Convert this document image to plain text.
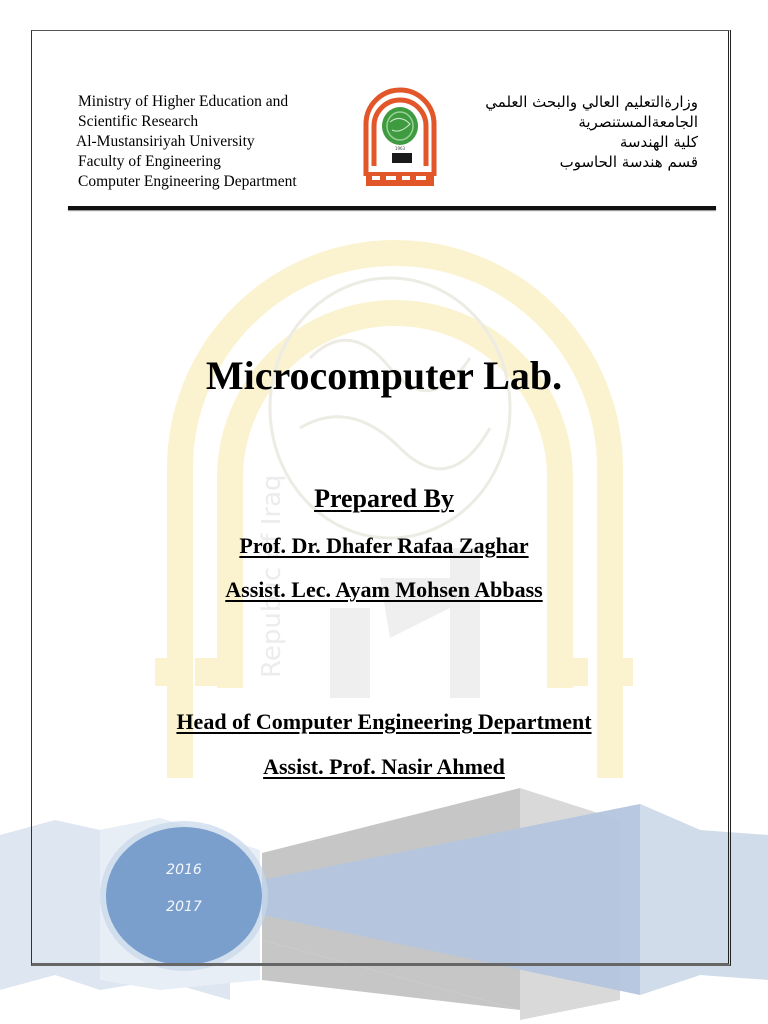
Republic of Iraq
Ministry of Higher Education and
Scientific Research
Al-Mustansiriyah University
Faculty of Engineering
Computer Engineering Department
1963
وزارةالتعليم العالي والبحث العلمي
الجامعةالمستنصرية
كلية الهندسة
قسم هندسة الحاسوب
Microcomputer Lab.
Prepared By
Prof. Dr. Dhafer Rafaa Zaghar
Assist. Lec. Ayam Mohsen Abbass
Head of Computer Engineering Department
Assist. Prof. Nasir Ahmed
2016
2017
